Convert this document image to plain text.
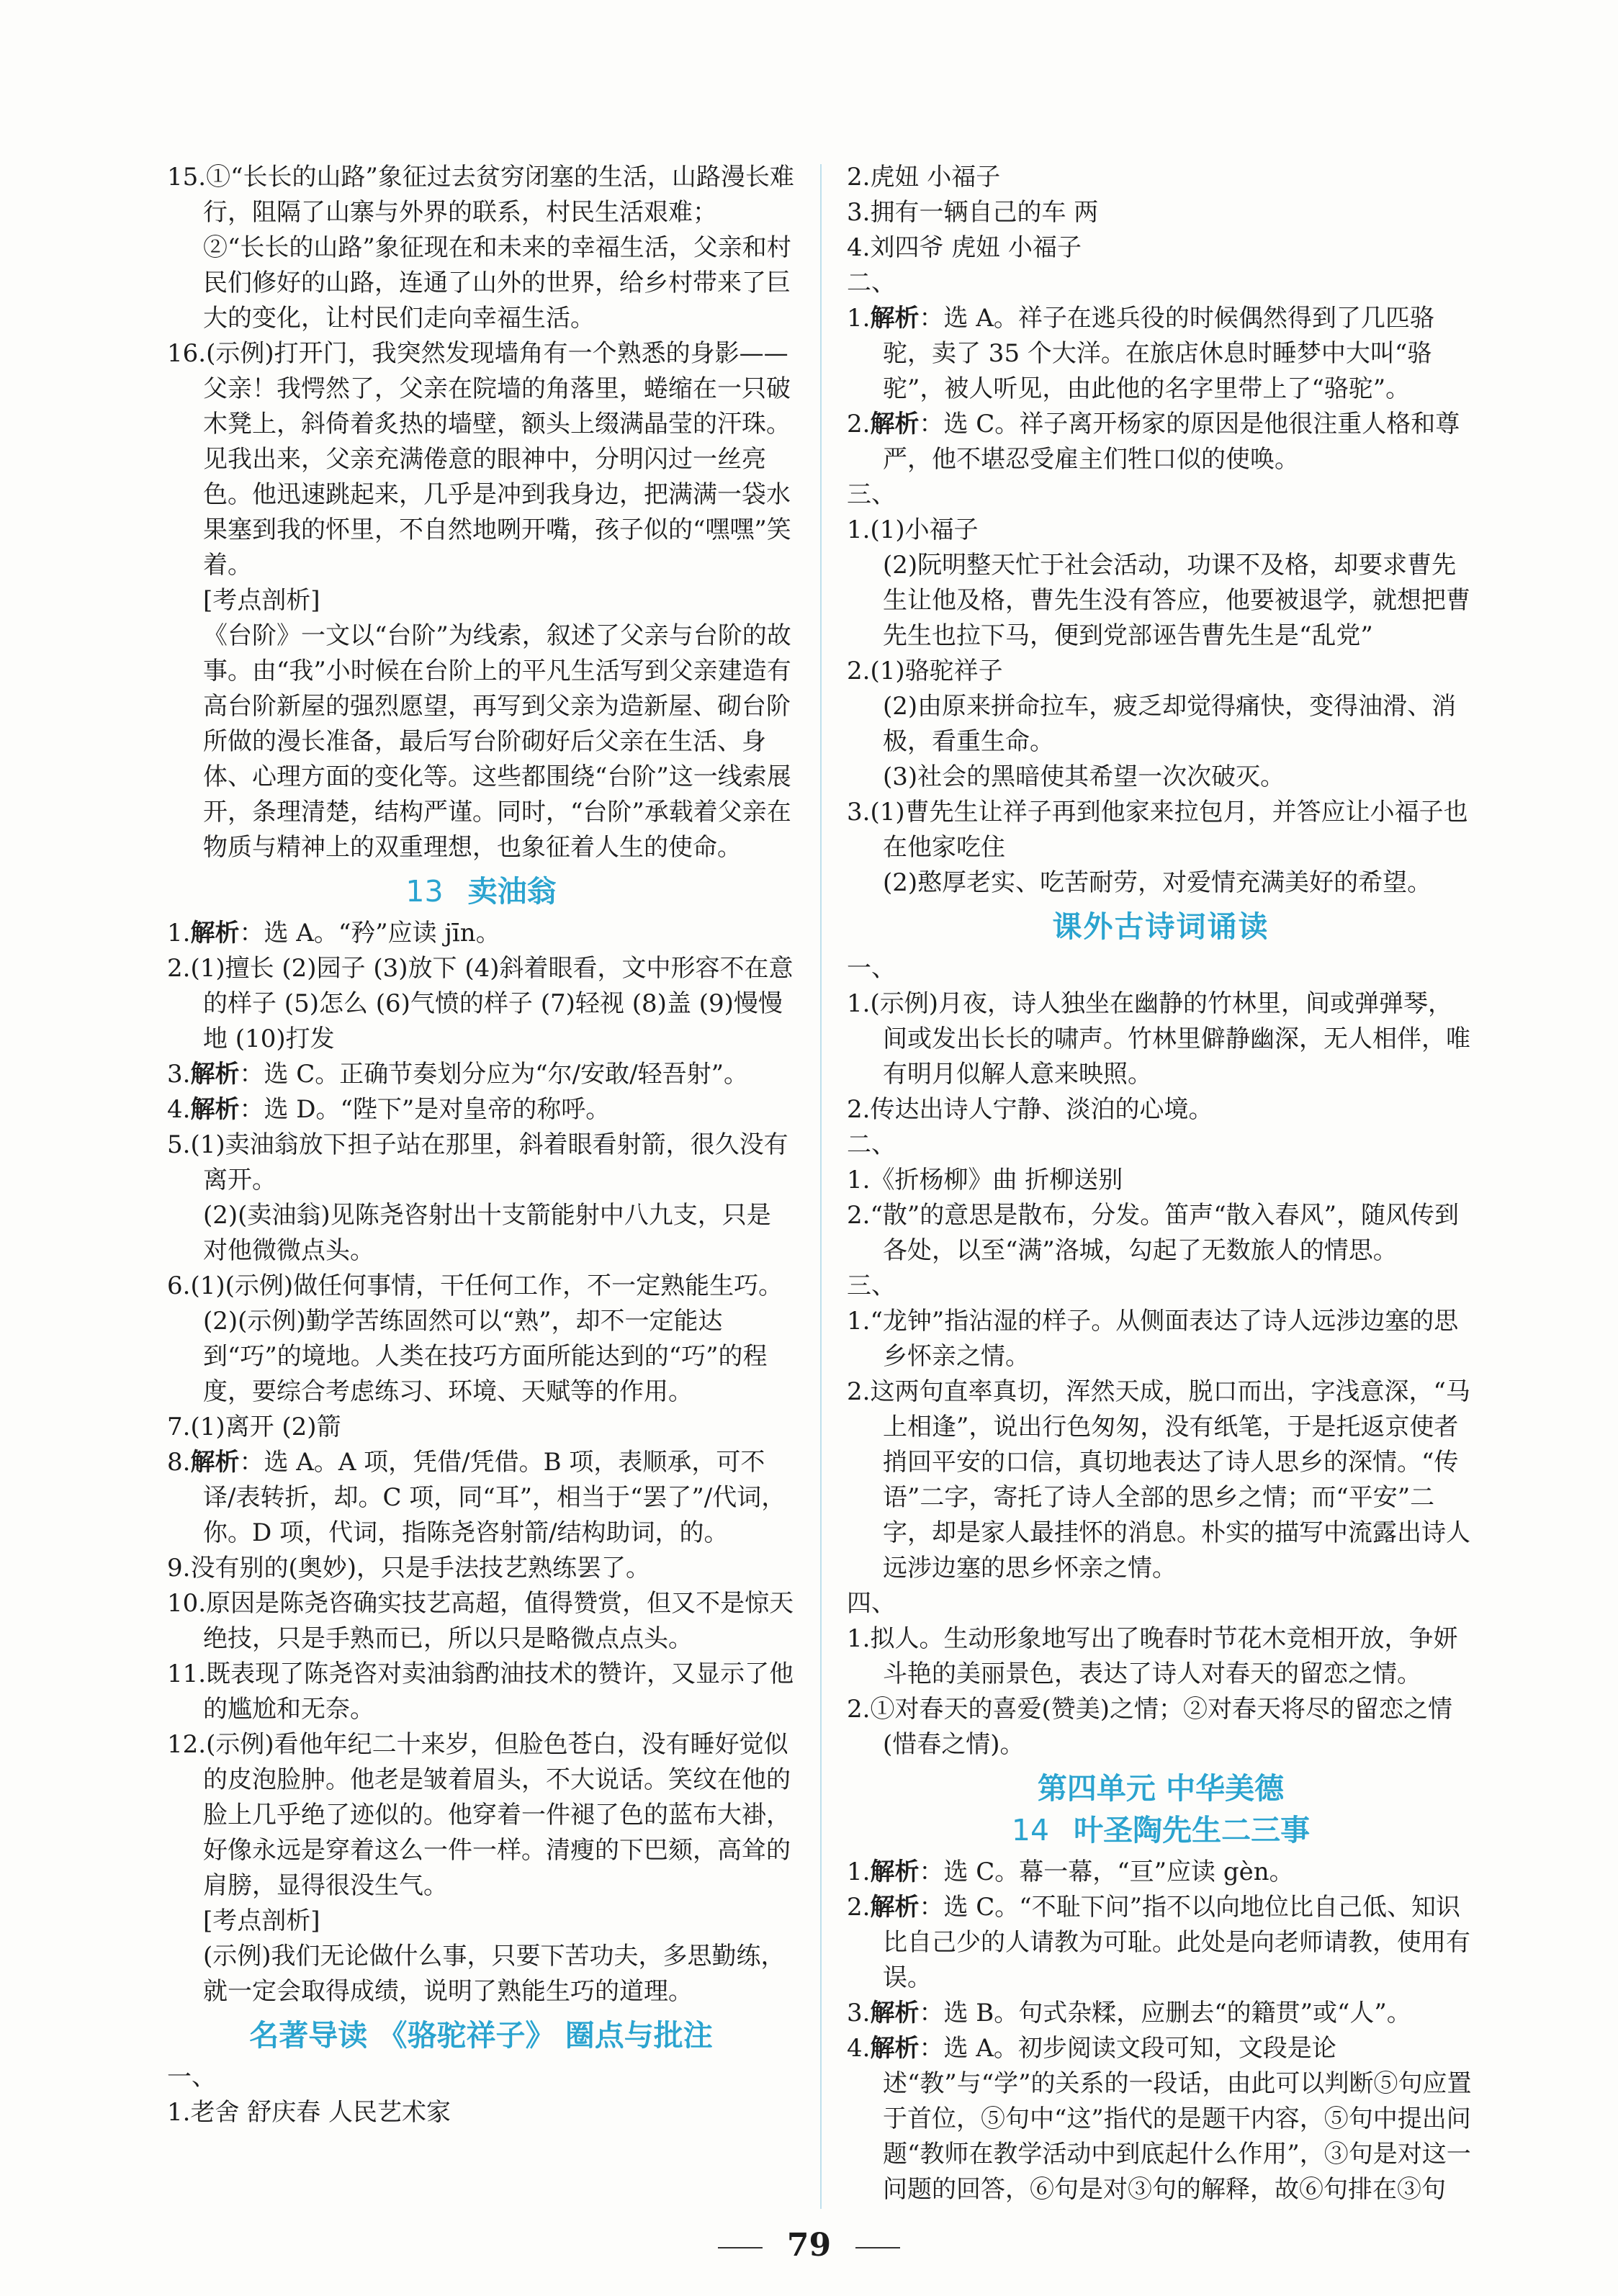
15.①“长长的山路”象征过去贫穷闭塞的生活，山路漫长难行，阻隔了山寨与外界的联系，村民生活艰难；

②“长长的山路”象征现在和未来的幸福生活，父亲和村民们修好的山路，连通了山外的世界，给乡村带来了巨大的变化，让村民们走向幸福生活。

16.(示例)打开门，我突然发现墙角有一个熟悉的身影——父亲！我愕然了，父亲在院墙的角落里，蜷缩在一只破木凳上，斜倚着炙热的墙壁，额头上缀满晶莹的汗珠。见我出来，父亲充满倦意的眼神中，分明闪过一丝亮色。他迅速跳起来，几乎是冲到我身边，把满满一袋水果塞到我的怀里，不自然地咧开嘴，孩子似的“嘿嘿”笑着。

[考点剖析]

《台阶》一文以“台阶”为线索，叙述了父亲与台阶的故事。由“我”小时候在台阶上的平凡生活写到父亲建造有高台阶新屋的强烈愿望，再写到父亲为造新屋、砌台阶所做的漫长准备，最后写台阶砌好后父亲在生活、身体、心理方面的变化等。这些都围绕“台阶”这一线索展开，条理清楚，结构严谨。同时，“台阶”承载着父亲在物质与精神上的双重理想，也象征着人生的使命。

13 卖油翁

1.解析：选 A。“矜”应读 jīn。

2.(1)擅长 (2)园子 (3)放下 (4)斜着眼看，文中形容不在意的样子 (5)怎么 (6)气愤的样子 (7)轻视 (8)盖 (9)慢慢地 (10)打发

3.解析：选 C。正确节奏划分应为“尔/安敢/轻吾射”。

4.解析：选 D。“陛下”是对皇帝的称呼。

5.(1)卖油翁放下担子站在那里，斜着眼看射箭，很久没有离开。

(2)(卖油翁)见陈尧咨射出十支箭能射中八九支，只是对他微微点头。

6.(1)(示例)做任何事情，干任何工作，不一定熟能生巧。

(2)(示例)勤学苦练固然可以“熟”，却不一定能达到“巧”的境地。人类在技巧方面所能达到的“巧”的程度，要综合考虑练习、环境、天赋等的作用。

7.(1)离开 (2)箭

8.解析：选 A。A 项，凭借/凭借。B 项，表顺承，可不译/表转折，却。C 项，同“耳”，相当于“罢了”/代词，你。D 项，代词，指陈尧咨射箭/结构助词，的。

9.没有别的(奥妙)，只是手法技艺熟练罢了。

10.原因是陈尧咨确实技艺高超，值得赞赏，但又不是惊天绝技，只是手熟而已，所以只是略微点点头。

11.既表现了陈尧咨对卖油翁酌油技术的赞许，又显示了他的尴尬和无奈。

12.(示例)看他年纪二十来岁，但脸色苍白，没有睡好觉似的皮泡脸肿。他老是皱着眉头，不大说话。笑纹在他的脸上几乎绝了迹似的。他穿着一件褪了色的蓝布大褂，好像永远是穿着这么一件一样。清瘦的下巴颏，高耸的肩膀，显得很没生气。

[考点剖析]

(示例)我们无论做什么事，只要下苦功夫，多思勤练，就一定会取得成绩，说明了熟能生巧的道理。

名著导读 《骆驼祥子》 圈点与批注

一、

1.老舍 舒庆春 人民艺术家

2.虎妞 小福子

3.拥有一辆自己的车 两

4.刘四爷 虎妞 小福子

二、

1.解析：选 A。祥子在逃兵役的时候偶然得到了几匹骆驼，卖了 35 个大洋。在旅店休息时睡梦中大叫“骆驼”，被人听见，由此他的名字里带上了“骆驼”。

2.解析：选 C。祥子离开杨家的原因是他很注重人格和尊严，他不堪忍受雇主们牲口似的使唤。

三、

1.(1)小福子

(2)阮明整天忙于社会活动，功课不及格，却要求曹先生让他及格，曹先生没有答应，他要被退学，就想把曹先生也拉下马，便到党部诬告曹先生是“乱党”

2.(1)骆驼祥子

(2)由原来拼命拉车，疲乏却觉得痛快，变得油滑、消极，看重生命。

(3)社会的黑暗使其希望一次次破灭。

3.(1)曹先生让祥子再到他家来拉包月，并答应让小福子也在他家吃住

(2)憨厚老实、吃苦耐劳，对爱情充满美好的希望。

课外古诗词诵读

一、

1.(示例)月夜，诗人独坐在幽静的竹林里，间或弹弹琴，间或发出长长的啸声。竹林里僻静幽深，无人相伴，唯有明月似解人意来映照。

2.传达出诗人宁静、淡泊的心境。

二、

1.《折杨柳》曲 折柳送别

2.“散”的意思是散布，分发。笛声“散入春风”，随风传到各处，以至“满”洛城，勾起了无数旅人的情思。

三、

1.“龙钟”指沾湿的样子。从侧面表达了诗人远涉边塞的思乡怀亲之情。

2.这两句直率真切，浑然天成，脱口而出，字浅意深，“马上相逢”，说出行色匆匆，没有纸笔，于是托返京使者捎回平安的口信，真切地表达了诗人思乡的深情。“传语”二字，寄托了诗人全部的思乡之情；而“平安”二字，却是家人最挂怀的消息。朴实的描写中流露出诗人远涉边塞的思乡怀亲之情。

四、

1.拟人。生动形象地写出了晚春时节花木竞相开放，争妍斗艳的美丽景色，表达了诗人对春天的留恋之情。

2.①对春天的喜爱(赞美)之情；②对春天将尽的留恋之情(惜春之情)。

第四单元 中华美德
14 叶圣陶先生二三事

1.解析：选 C。幕一幕，“亘”应读 gèn。

2.解析：选 C。“不耻下问”指不以向地位比自己低、知识比自己少的人请教为可耻。此处是向老师请教，使用有误。

3.解析：选 B。句式杂糅，应删去“的籍贯”或“人”。

4.解析：选 A。初步阅读文段可知，文段是论述“教”与“学”的关系的一段话，由此可以判断⑤句应置于首位，⑤句中“这”指代的是题干内容，⑤句中提出问题“教师在教学活动中到底起什么作用”，③句是对这一问题的回答，⑥句是对③句的解释，故⑥句排在③句

79
